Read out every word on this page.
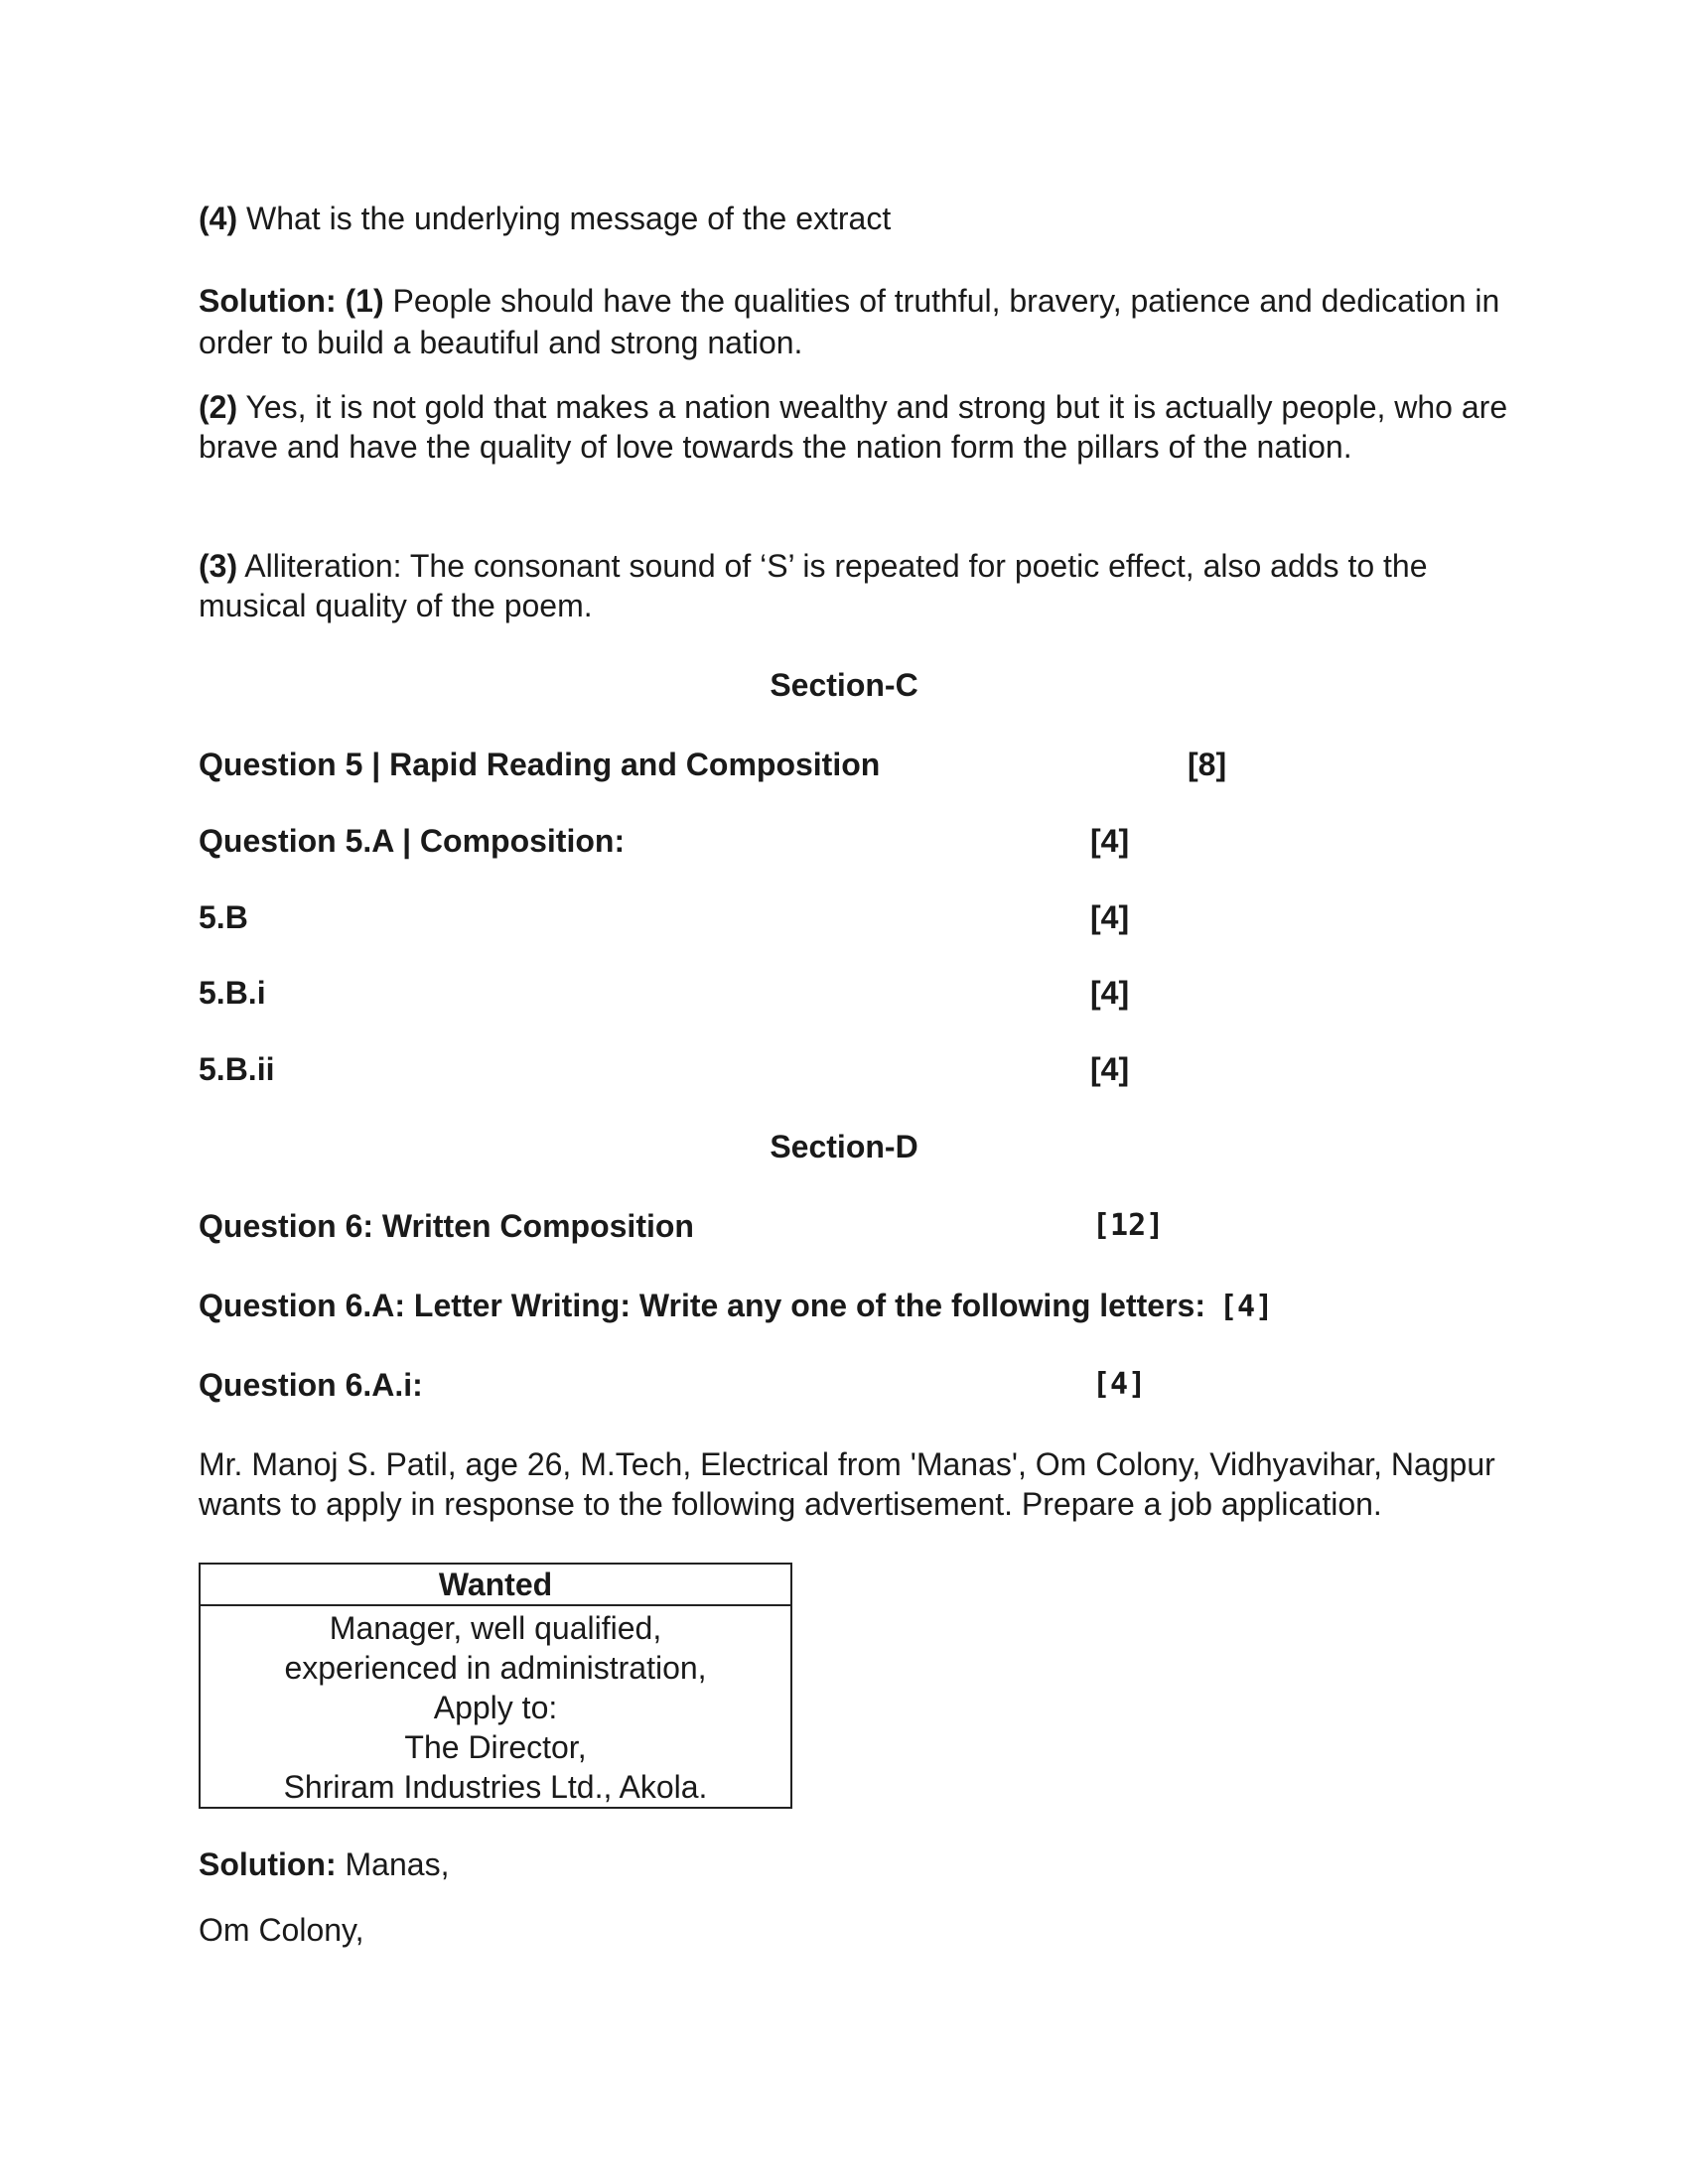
(4) What is the underlying message of the extract
Solution: (1) People should have the qualities of truthful, bravery, patience and dedication in order to build a beautiful and strong nation.
(2) Yes, it is not gold that makes a nation wealthy and strong but it is actually people, who are brave and have the quality of love towards the nation form the pillars of the nation.
(3) Alliteration: The consonant sound of ‘S’ is repeated for poetic effect, also adds to the musical quality of the poem.
Section-C
Question 5 | Rapid Reading and Composition	[8]
Question 5.A | Composition:	[4]
5.B	[4]
5.B.i	[4]
5.B.ii	[4]
Section-D
Question 6: Written Composition	[12]
Question 6.A: Letter Writing: Write any one of the following letters: [4]
Question 6.A.i:	[4]
Mr. Manoj S. Patil, age 26, M.Tech, Electrical from 'Manas', Om Colony, Vidhyavihar, Nagpur wants to apply in response to the following advertisement. Prepare a job application.
Wanted
Manager, well qualified,
experienced in administration,
Apply to:
The Director,
Shriram Industries Ltd., Akola.
Solution: Manas,
Om Colony,
